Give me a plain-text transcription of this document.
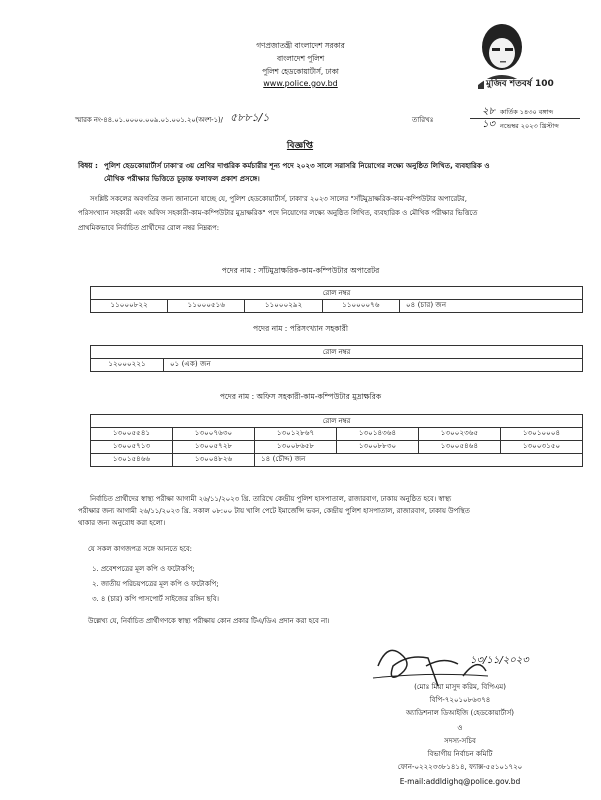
গণপ্রজাতন্ত্রী বাংলাদেশ সরকার
বাংলাদেশ পুলিশ
পুলিশ হেডকোয়ার্টার্স, ঢাকা
www.police.gov.bd	মুজিব শতবর্ষ 100
স্মারক নং-৪৪.০১.০০০০.০০৯.০১.০০১.২০(অংশ-১)/ ৫৮৮১/১	তারিখঃ
২৮ কার্তিক ১৪৩০ বঙ্গাব্দ
১৩ নভেম্বর ২০২৩ খ্রিস্টাব্দ
বিজ্ঞপ্তি
বিষয় : পুলিশ হেডকোয়ার্টার্স ঢাকা'র ৩য় শ্রেণির দাপ্তরিক কর্মচারীর শূন্য পদে ২০২৩ সালে সরাসরি নিয়োগের লক্ষ্যে অনুষ্ঠিত লিখিত, ব্যবহারিক ও
মৌখিক পরীক্ষার ভিত্তিতে চূড়ান্ত ফলাফল প্রকাশ প্রসঙ্গে।
সংশ্লিষ্ট সকলের অবগতির জন্য জানানো যাচ্ছে যে, পুলিশ হেডকোয়ার্টার্স, ঢাকা'র ২০২৩ সালের "সাঁটমুদ্রাক্ষরিক-কাম-কম্পিউটার অপারেটর,
পরিসংখ্যান সহকারী এবং অফিস সহকারী-কাম-কম্পিউটার মুদ্রাক্ষরিক" পদে নিয়োগের লক্ষ্যে অনুষ্ঠিত লিখিত, ব্যবহারিক ও মৌখিক পরীক্ষার ভিত্তিতে
প্রাথমিকভাবে নির্বাচিত প্রার্থীদের রোল নম্বর নিম্নরূপ:
পদের নাম : সাঁটমুদ্রাক্ষরিক-কাম-কম্পিউটার অপারেটর
রোল নম্বর
১১০০০৮২২	১১০০০৫১৬	১১০০০২৯২	১১০০০০৭৬	০৪ (চার) জন
পদের নাম : পরিসংখ্যান সহকারী
রোল নম্বর
১২০০০২২১	০১ (এক) জন
পদের নাম : অফিস সহকারী-কাম-কম্পিউটার মুদ্রাক্ষরিক
রোল নম্বর					
১৩০০৫৫৪১	১৩০০৭৬৩০	১৩০১২৮৬৭	১৩০১৪৩৬৪	১৩০০২৩৬৫	১৩০১০০০৪
১৩০০৫৭১৩	১৩০০৫৭২৮	১৩০০৮৬৫৮	১৩০০৮৮৩০	১৩০০৫৪৬৪	১৩০০৩১৫০
১৩০১৫৪৬৬	১৩০০৪৮২৬	১৪ (চৌদ্দ) জন			
নির্বাচিত প্রার্থীদের স্বাস্থ্য পরীক্ষা আগামী ২৬/১১/২০২৩ খ্রি. তারিখে কেন্দ্রীয় পুলিশ হাসপাতাল, রাজারবাগ, ঢাকায় অনুষ্ঠিত হবে। স্বাস্থ্য
পরীক্ষার জন্য আগামী ২৬/১১/২০২৩ খ্রি. সকাল ০৮:০০ টায় খালি পেটে ইমার্জেন্সি ভবন, কেন্দ্রীয় পুলিশ হাসপাতাল, রাজারবাগ, ঢাকায় উপস্থিত
থাকার জন্য অনুরোধ করা হলো।
যে সকল কাগজপত্র সঙ্গে আনতে হবে:
১. প্রবেশপত্রের মূল কপি ও ফটোকপি;
২. জাতীয় পরিচয়পত্রের মূল কপি ও ফটোকপি;
৩. ৪ (চার) কপি পাসপোর্ট সাইজের রঙ্গিন ছবি।
উল্লেখ্য যে, নির্বাচিত প্রার্থীগণকে স্বাস্থ্য পরীক্ষায় কোন প্রকার টিএ/ডিএ প্রদান করা হবে না।
১৩/১১/২০২৩
(মোঃ মিয়া মাসুদ করিম, বিপিএম)
বিপি-৭২০১০৮৬৩৭৪
অ্যাডিশনাল ডিআইজি (হেডকোয়ার্টার্স)
ও
সদস্য-সচিব
বিভাগীয় নির্বাচন কমিটি
ফোন-০২২২৩৩৮১৪১৪, ফ্যাক্স-৫৫১০১৭২০
E-mail:addldighq@police.gov.bd
